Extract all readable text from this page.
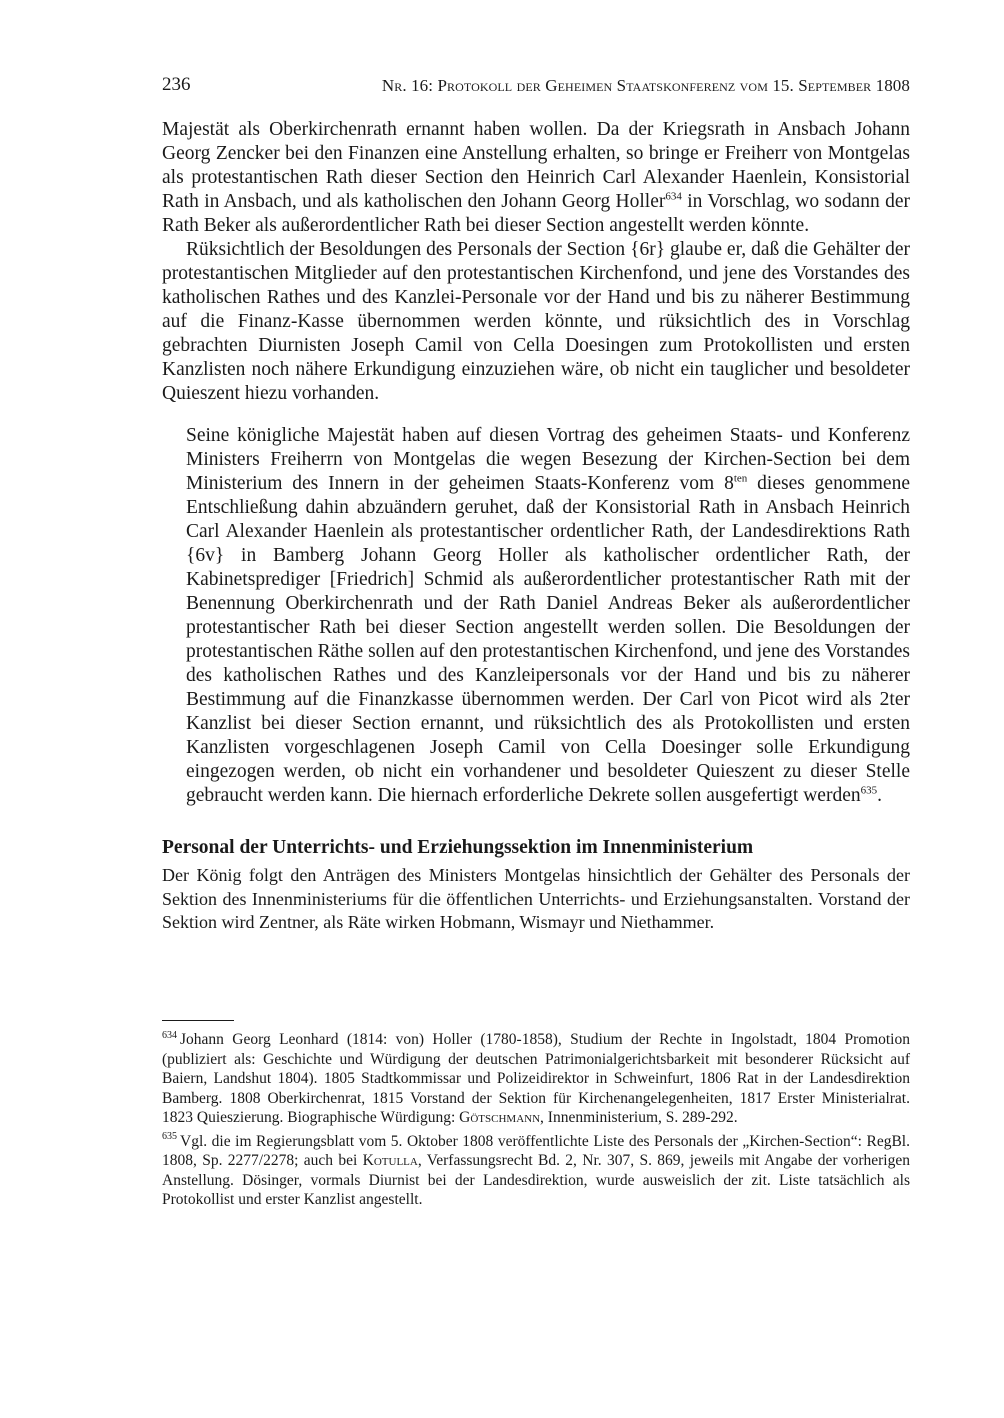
236	Nr. 16: Protokoll der Geheimen Staatskonferenz vom 15. September 1808

Majestät als Oberkirchenrath ernannt haben wollen. Da der Kriegsrath in Ansbach Johann Georg Zencker bei den Finanzen eine Anstellung erhalten, so bringe er Freiherr von Montgelas als protestantischen Rath dieser Section den Heinrich Carl Alexander Haenlein, Konsistorial Rath in Ansbach, und als katholischen den Johann Georg Holler$^{634}$ in Vorschlag, wo sodann der Rath Beker als außerordentlicher Rath bei dieser Section angestellt werden könnte.

Rüksichtlich der Besoldungen des Personals der Section {6r} glaube er, daß die Gehälter der protestantischen Mitglieder auf den protestantischen Kirchenfond, und jene des Vorstandes des katholischen Rathes und des Kanzlei-Personale vor der Hand und bis zu näherer Bestimmung auf die Finanz-Kasse übernommen werden könnte, und rüksichtlich des in Vorschlag gebrachten Diurnisten Joseph Camil von Cella Doesingen zum Protokollisten und ersten Kanzlisten noch nähere Erkundigung einzuziehen wäre, ob nicht ein tauglicher und besoldeter Quieszent hiezu vorhanden.

Seine königliche Majestät haben auf diesen Vortrag des geheimen Staats- und Konferenz Ministers Freiherrn von Montgelas die wegen Besezung der Kirchen-Section bei dem Ministerium des Innern in der geheimen Staats-Konferenz vom $8^{ten}$ dieses genommene Entschließung dahin abzuändern geruhet, daß der Konsistorial Rath in Ansbach Heinrich Carl Alexander Haenlein als protestantischer ordentlicher Rath, der Landesdirektions Rath {6v} in Bamberg Johann Georg Holler als katholischer ordentlicher Rath, der Kabinetsprediger [Friedrich] Schmid als außerordentlicher protestantischer Rath mit der Benennung Oberkirchenrath und der Rath Daniel Andreas Beker als außerordentlicher protestantischer Rath bei dieser Section angestellt werden sollen. Die Besoldungen der protestantischen Räthe sollen auf den protestantischen Kirchenfond, und jene des Vorstandes des katholischen Rathes und des Kanzleipersonals vor der Hand und bis zu näherer Bestimmung auf die Finanzkasse übernommen werden. Der Carl von Picot wird als 2ter Kanzlist bei dieser Section ernannt, und rüksichtlich des als Protokollisten und ersten Kanzlisten vorgeschlagenen Joseph Camil von Cella Doesinger solle Erkundigung eingezogen werden, ob nicht ein vorhandener und besoldeter Quieszent zu dieser Stelle gebraucht werden kann. Die hiernach erforderliche Dekrete sollen ausgefertigt werden$^{635}$.

Personal der Unterrichts- und Erziehungssektion im Innenministerium

Der König folgt den Anträgen des Ministers Montgelas hinsichtlich der Gehälter des Personals der Sektion des Innenministeriums für die öffentlichen Unterrichts- und Erziehungsanstalten. Vorstand der Sektion wird Zentner, als Räte wirken Hobmann, Wismayr und Niethammer.

$^{634}$ Johann Georg Leonhard (1814: von) Holler (1780-1858), Studium der Rechte in Ingolstadt, 1804 Promotion (publiziert als: Geschichte und Würdigung der deutschen Patrimonialgerichtsbarkeit mit besonderer Rücksicht auf Baiern, Landshut 1804). 1805 Stadtkommissar und Polizeidirektor in Schweinfurt, 1806 Rat in der Landesdirektion Bamberg. 1808 Oberkirchenrat, 1815 Vorstand der Sektion für Kirchenangelegenheiten, 1817 Erster Ministerialrat. 1823 Quieszierung. Biographische Würdigung: Götschmann, Innenministerium, S. 289-292.

$^{635}$ Vgl. die im Regierungsblatt vom 5. Oktober 1808 veröffentlichte Liste des Personals der „Kirchen-Section“: RegBl. 1808, Sp. 2277/2278; auch bei Kotulla, Verfassungsrecht Bd. 2, Nr. 307, S. 869, jeweils mit Angabe der vorherigen Anstellung. Dösinger, vormals Diurnist bei der Landesdirektion, wurde ausweislich der zit. Liste tatsächlich als Protokollist und erster Kanzlist angestellt.
